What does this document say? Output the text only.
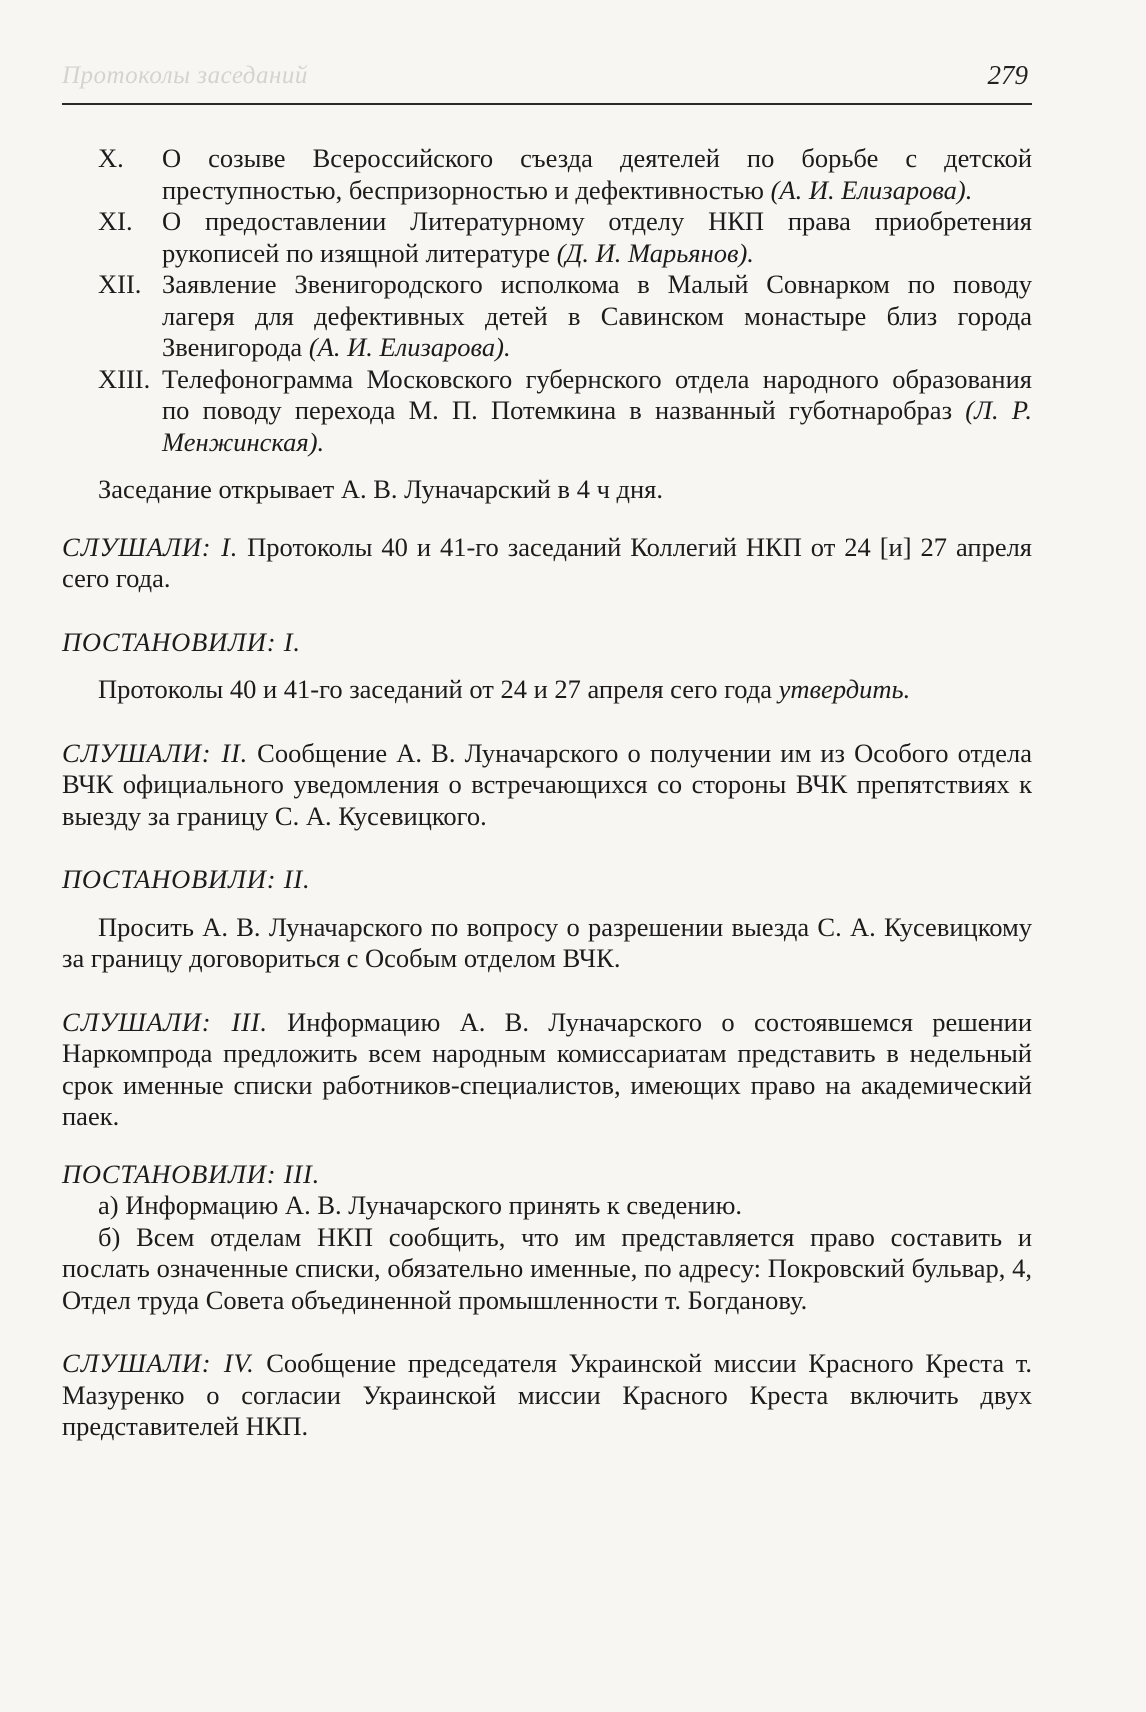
Протоколы заседаний	279
X.	О созыве Всероссийского съезда деятелей по борьбе с детской преступностью, беспризорностью и дефективностью (А. И. Елизарова).
XI.	О предоставлении Литературному отделу НКП права приобретения рукописей по изящной литературе (Д. И. Марьянов).
XII. Заявление Звенигородского исполкома в Малый Совнарком по поводу лагеря для дефективных детей в Савинском монастыре близ города Звенигорода (А. И. Елизарова).
XIII. Телефонограмма Московского губернского отдела народного образования по поводу перехода М. П. Потемкина в названный губотнаробраз (Л. Р. Менжинская).
Заседание открывает А. В. Луначарский в 4 ч дня.
СЛУШАЛИ: I. Протоколы 40 и 41-го заседаний Коллегий НКП от 24 [и] 27 апреля сего года.
ПОСТАНОВИЛИ: I.
Протоколы 40 и 41-го заседаний от 24 и 27 апреля сего года утвердить.
СЛУШАЛИ: II. Сообщение А. В. Луначарского о получении им из Особого отдела ВЧК официального уведомления о встречающихся со стороны ВЧК препятствиях к выезду за границу С. А. Кусевицкого.
ПОСТАНОВИЛИ: II.
Просить А. В. Луначарского по вопросу о разрешении выезда С. А. Кусевицкому за границу договориться с Особым отделом ВЧК.
СЛУШАЛИ: III. Информацию А. В. Луначарского о состоявшемся решении Наркомпрода предложить всем народным комиссариатам представить в недельный срок именные списки работников-специалистов, имеющих право на академический паек.
ПОСТАНОВИЛИ: III.
а) Информацию А. В. Луначарского принять к сведению.
б) Всем отделам НКП сообщить, что им представляется право составить и послать означенные списки, обязательно именные, по адресу: Покровский бульвар, 4, Отдел труда Совета объединенной промышленности т. Богданову.
СЛУШАЛИ: IV. Сообщение председателя Украинской миссии Красного Креста т. Мазуренко о согласии Украинской миссии Красного Креста включить двух представителей НКП.
